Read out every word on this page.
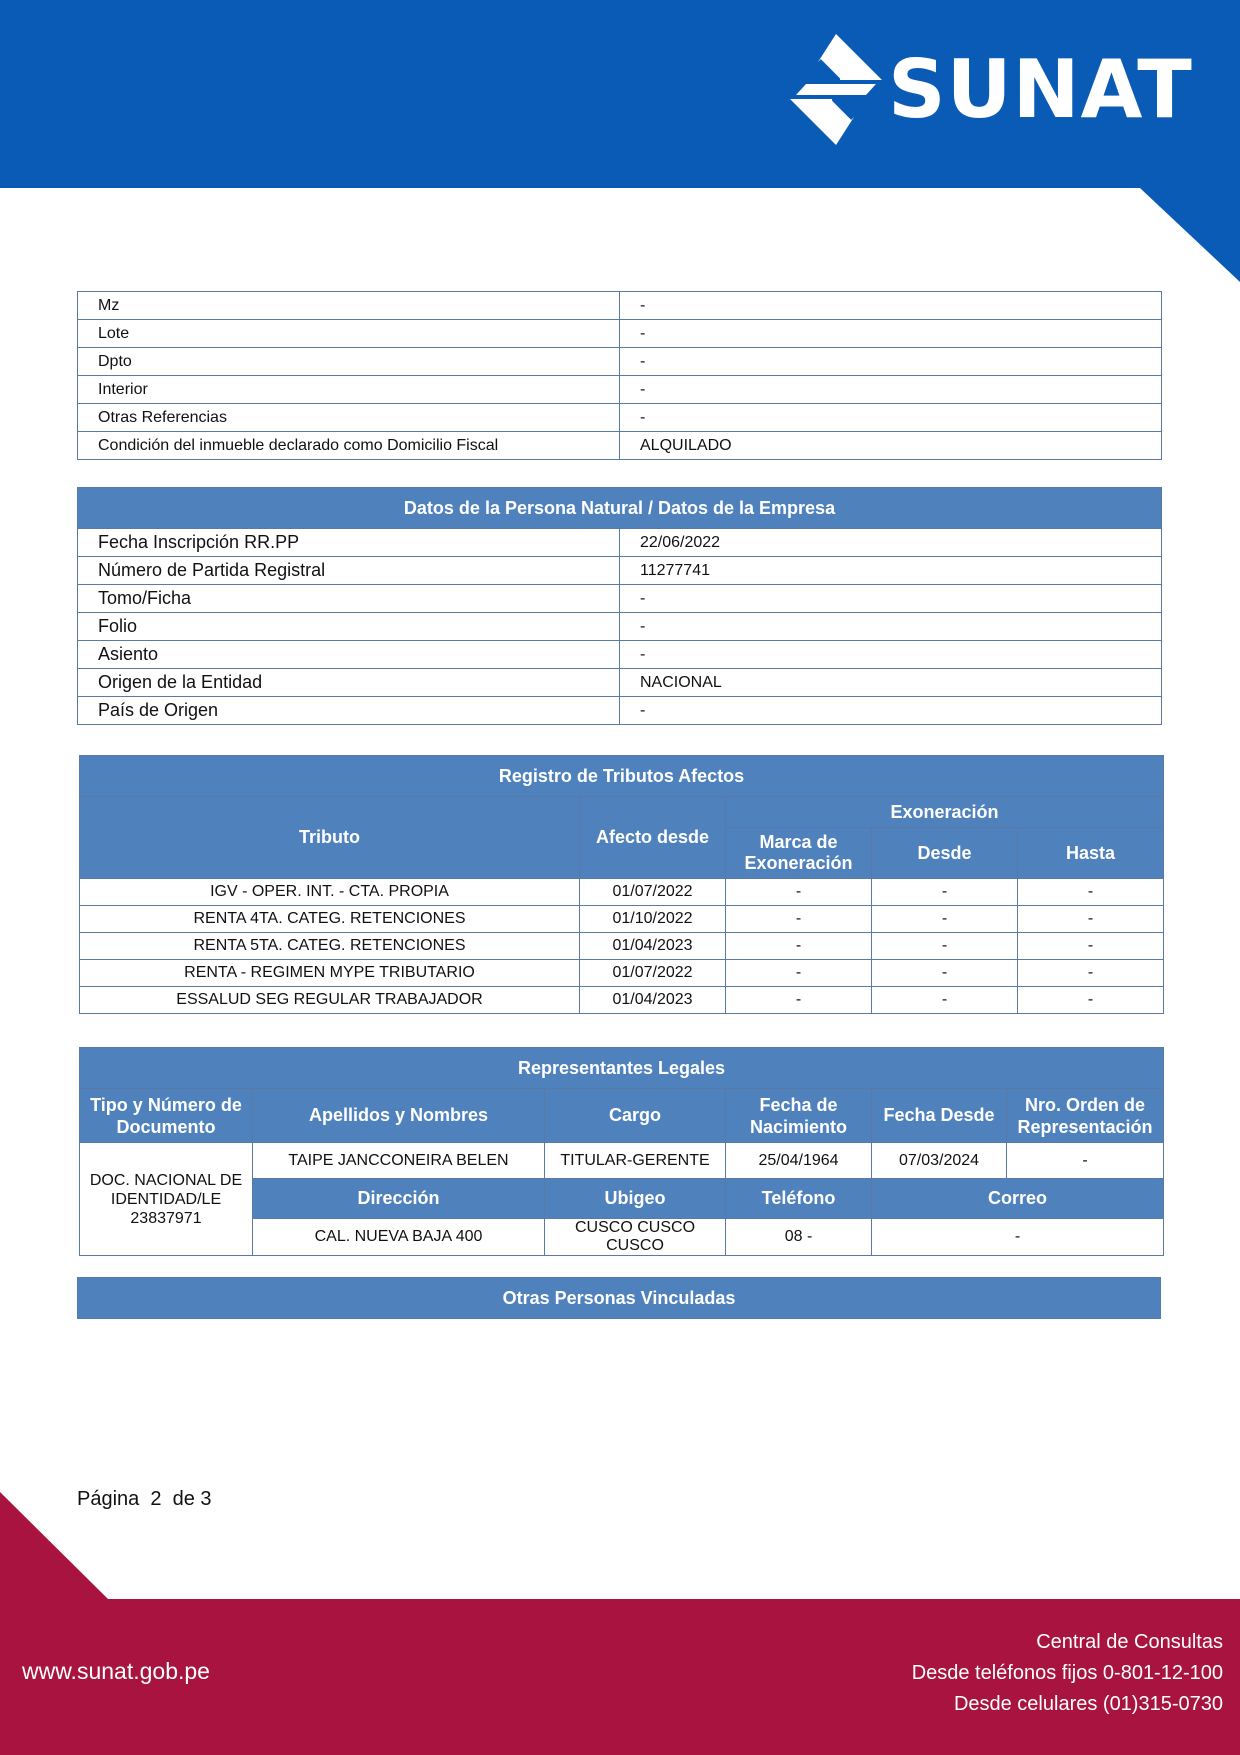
SUNAT
Mz	-
Lote	-
Dpto	-
Interior	-
Otras Referencias	-
Condición del inmueble declarado como Domicilio Fiscal	ALQUILADO
Datos de la Persona Natural / Datos de la Empresa	
Fecha Inscripción RR.PP	22/06/2022
Número de Partida Registral	11277741
Tomo/Ficha	-
Folio	-
Asiento	-
Origen de la Entidad	NACIONAL
País de Origen	-
Registro de Tributos Afectos				
Tributo	Afecto desde	Exoneración		
		Marca de Exoneración	Desde	Hasta
IGV - OPER. INT. - CTA. PROPIA	01/07/2022	-	-	-
RENTA 4TA. CATEG. RETENCIONES	01/10/2022	-	-	-
RENTA 5TA. CATEG. RETENCIONES	01/04/2023	-	-	-
RENTA - REGIMEN MYPE TRIBUTARIO	01/07/2022	-	-	-
ESSALUD SEG REGULAR TRABAJADOR	01/04/2023	-	-	-
Representantes Legales					
Tipo y Número de Documento	Apellidos y Nombres	Cargo	Fecha de Nacimiento	Fecha Desde	Nro. Orden de Representación
DOC. NACIONAL DE IDENTIDAD/LE 23837971	TAIPE JANCCONEIRA BELEN	TITULAR-GERENTE	25/04/1964	07/03/2024	-
	Dirección	Ubigeo	Teléfono	Correo	
	CAL. NUEVA BAJA 400	CUSCO CUSCO CUSCO	08 -	-	
Otras Personas Vinculadas
Página  2  de 3
www.sunat.gob.pe
Central de Consultas
Desde teléfonos fijos 0-801-12-100
Desde celulares (01)315-0730
